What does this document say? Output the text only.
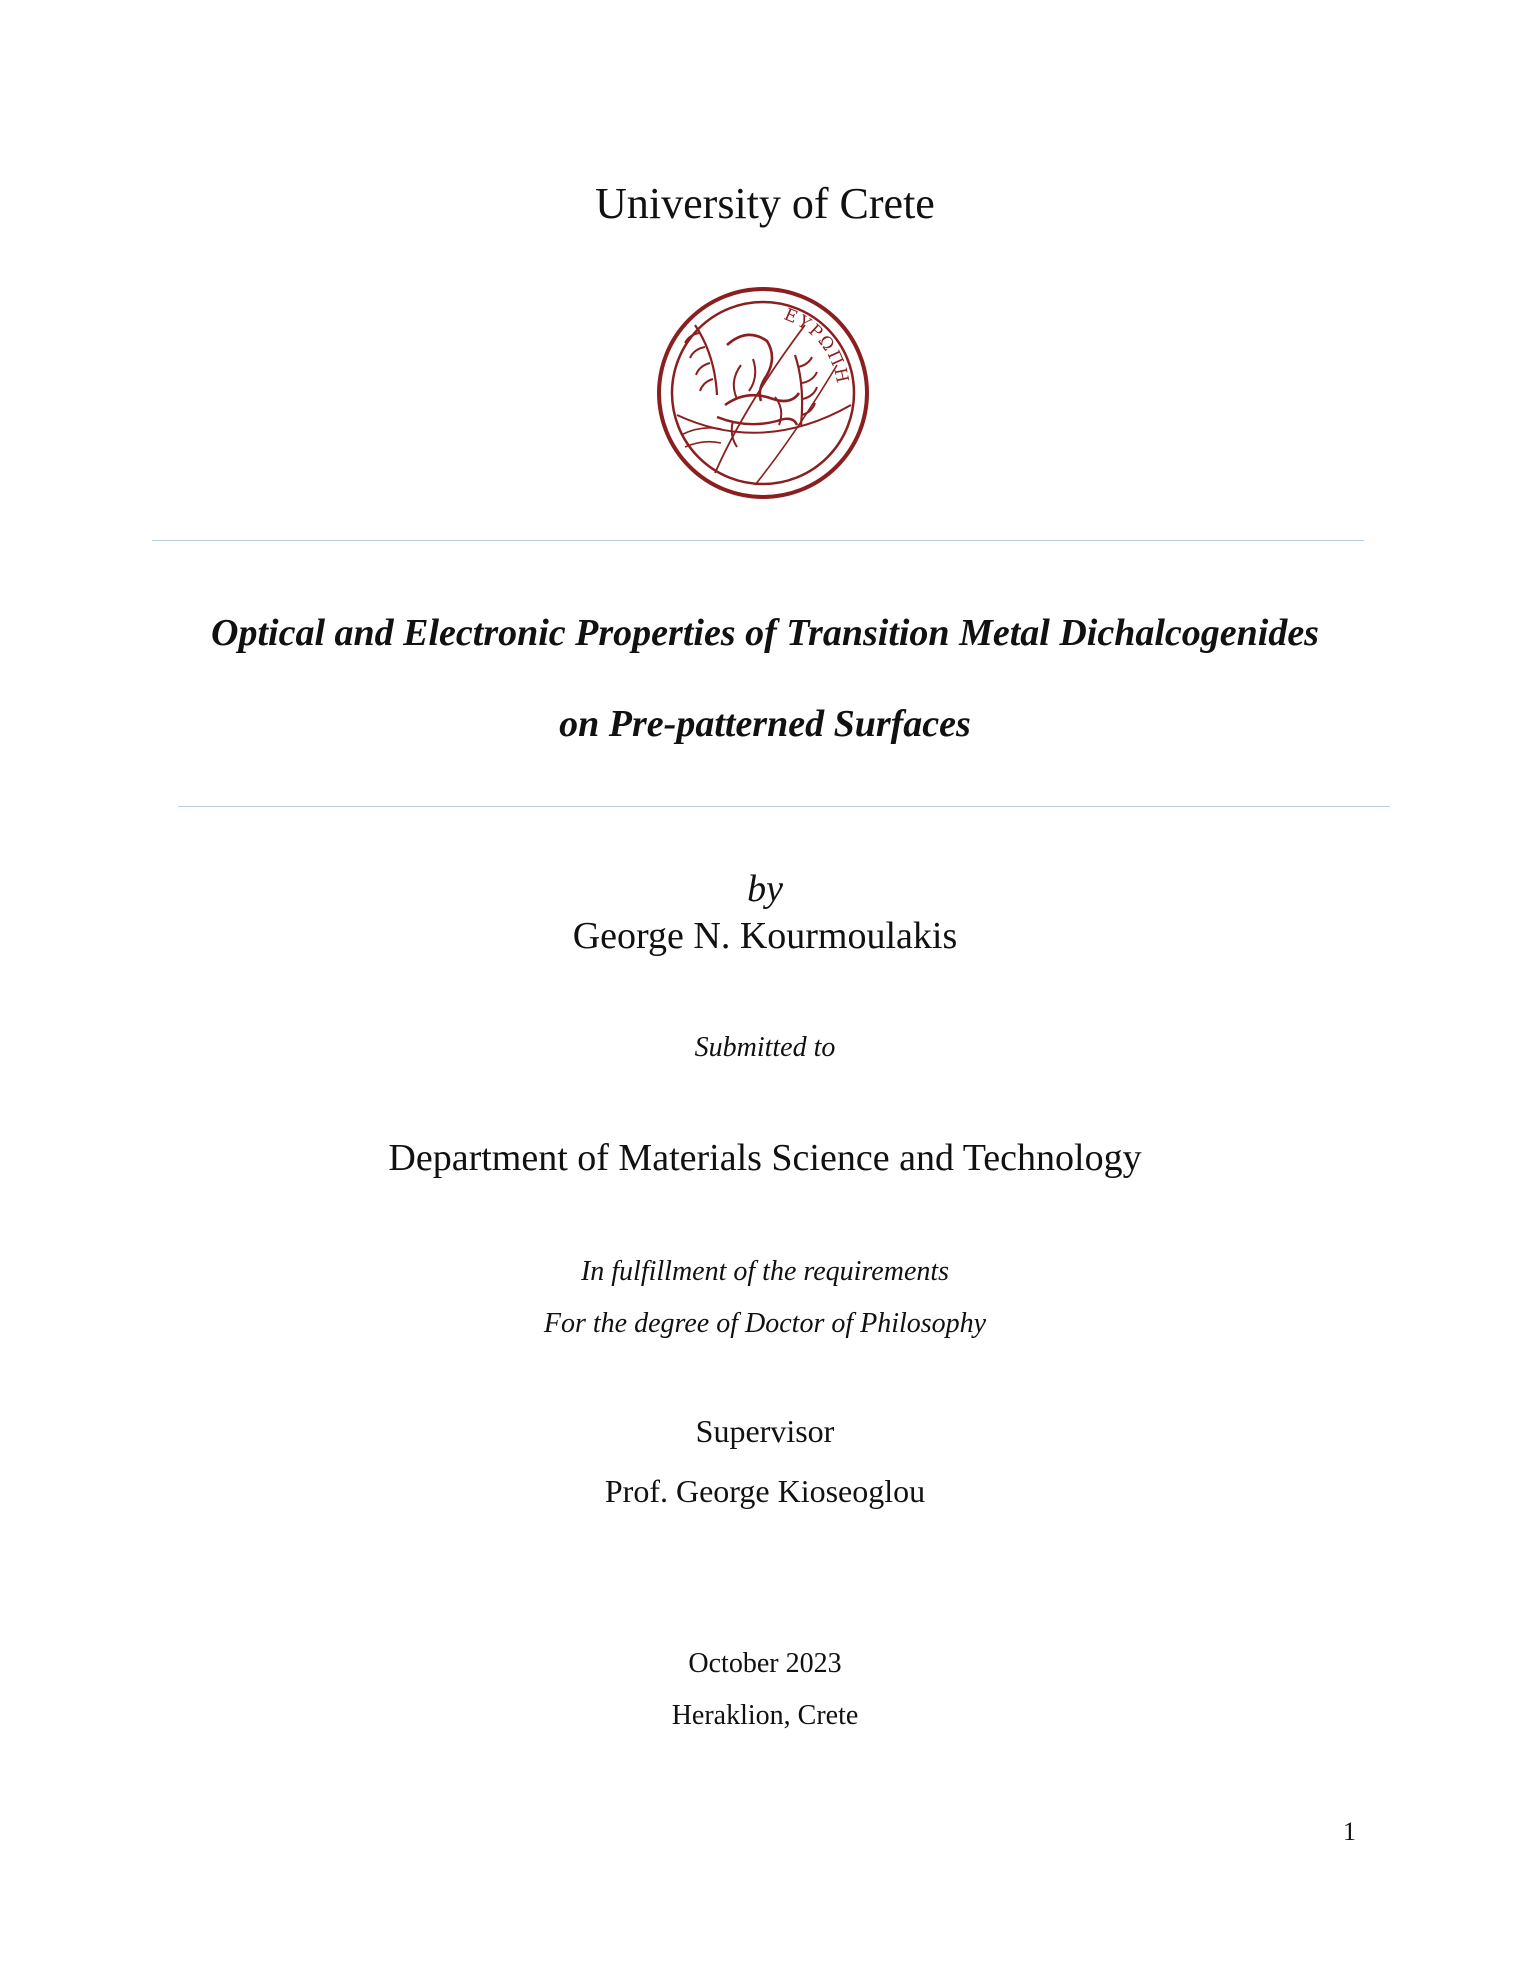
University of Crete
ΕΥΡΩΠΗ
Optical and Electronic Properties of Transition Metal Dichalcogenides
on Pre-patterned Surfaces
by
George N. Kourmoulakis
Submitted to
Department of Materials Science and Technology
In fulfillment of the requirements
For the degree of Doctor of Philosophy
Supervisor
Prof. George Kioseoglou
October 2023
Heraklion, Crete
1
